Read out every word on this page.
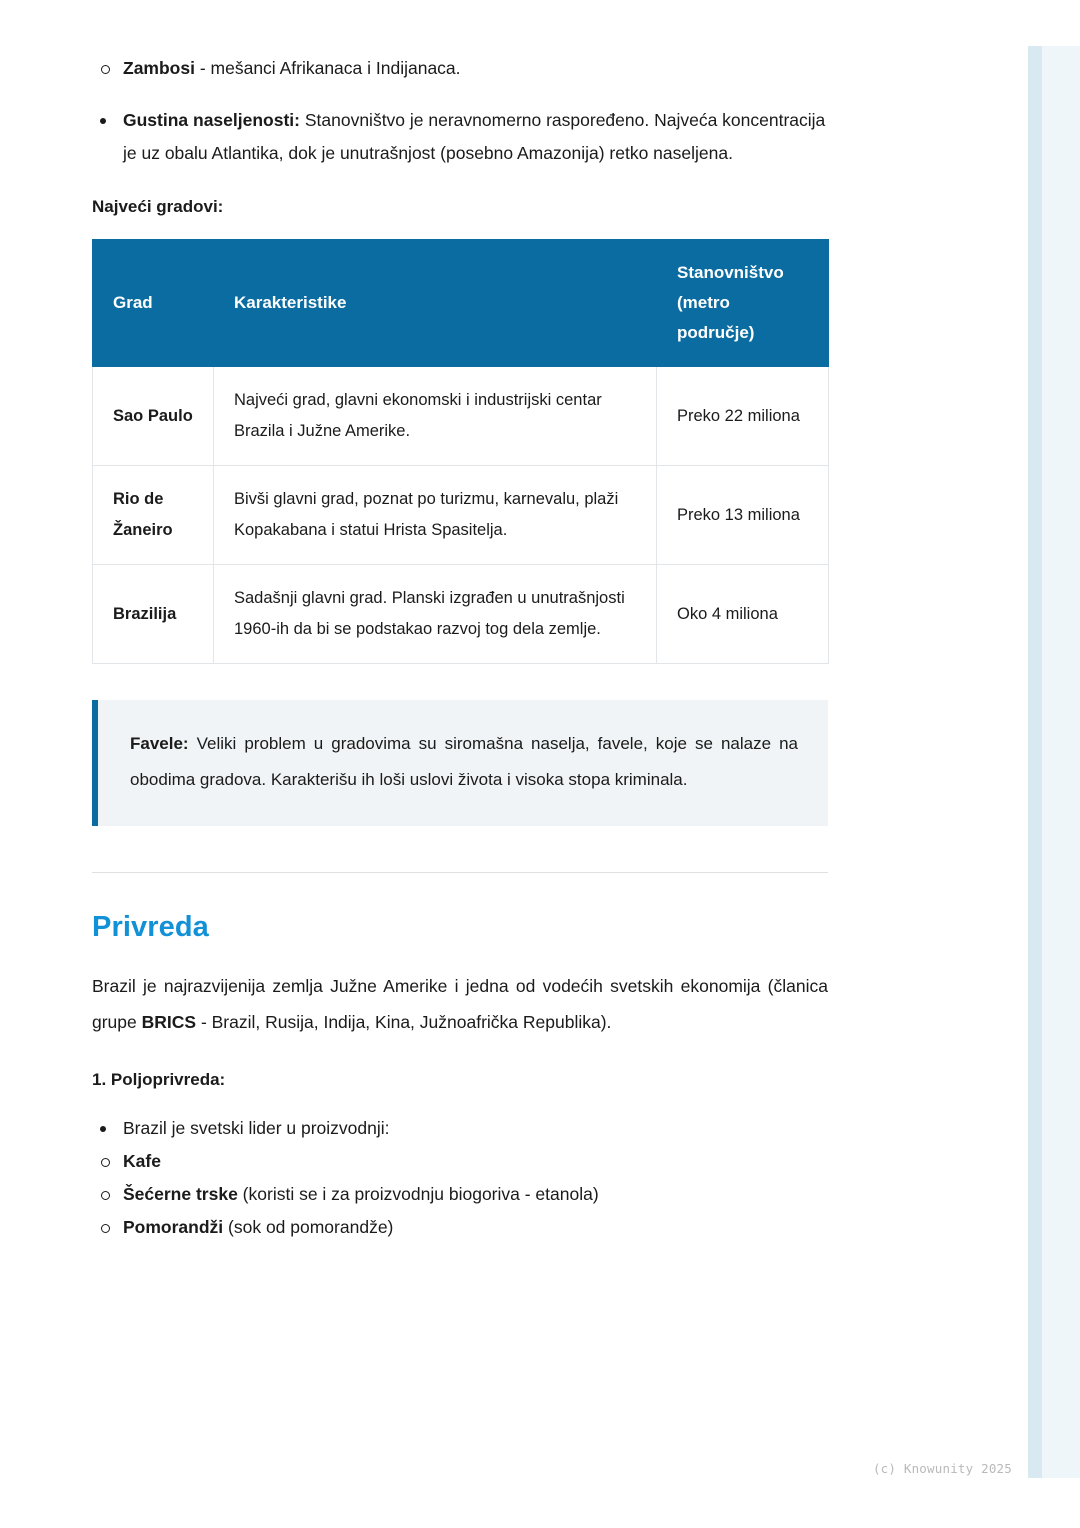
Zambosi - mešanci Afrikanaca i Indijanaca.
Gustina naseljenosti: Stanovništvo je neravnomerno raspoređeno. Najveća koncentracija je uz obalu Atlantika, dok je unutrašnjost (posebno Amazonija) retko naseljena.
Najveći gradovi:
Grad	Karakteristike	Stanovništvo (metro područje)
Sao Paulo	Najveći grad, glavni ekonomski i industrijski centar Brazila i Južne Amerike.	Preko 22 miliona
Rio de Žaneiro	Bivši glavni grad, poznat po turizmu, karnevalu, plaži Kopakabana i statui Hrista Spasitelja.	Preko 13 miliona
Brazilija	Sadašnji glavni grad. Planski izgrađen u unutrašnjosti 1960-ih da bi se podstakao razvoj tog dela zemlje.	Oko 4 miliona

Favele: Veliki problem u gradovima su siromašna naselja, favele, koje se nalaze na obodima gradova. Karakterišu ih loši uslovi života i visoka stopa kriminala.

Privreda
Brazil je najrazvijenija zemlja Južne Amerike i jedna od vodećih svetskih ekonomija (članica grupe BRICS - Brazil, Rusija, Indija, Kina, Južnoafrička Republika).
1. Poljoprivreda:
Brazil je svetski lider u proizvodnji:
Kafe
Šećerne trske (koristi se i za proizvodnju biogoriva - etanola)
Pomorandži (sok od pomorandže)
(c) Knowunity 2025
